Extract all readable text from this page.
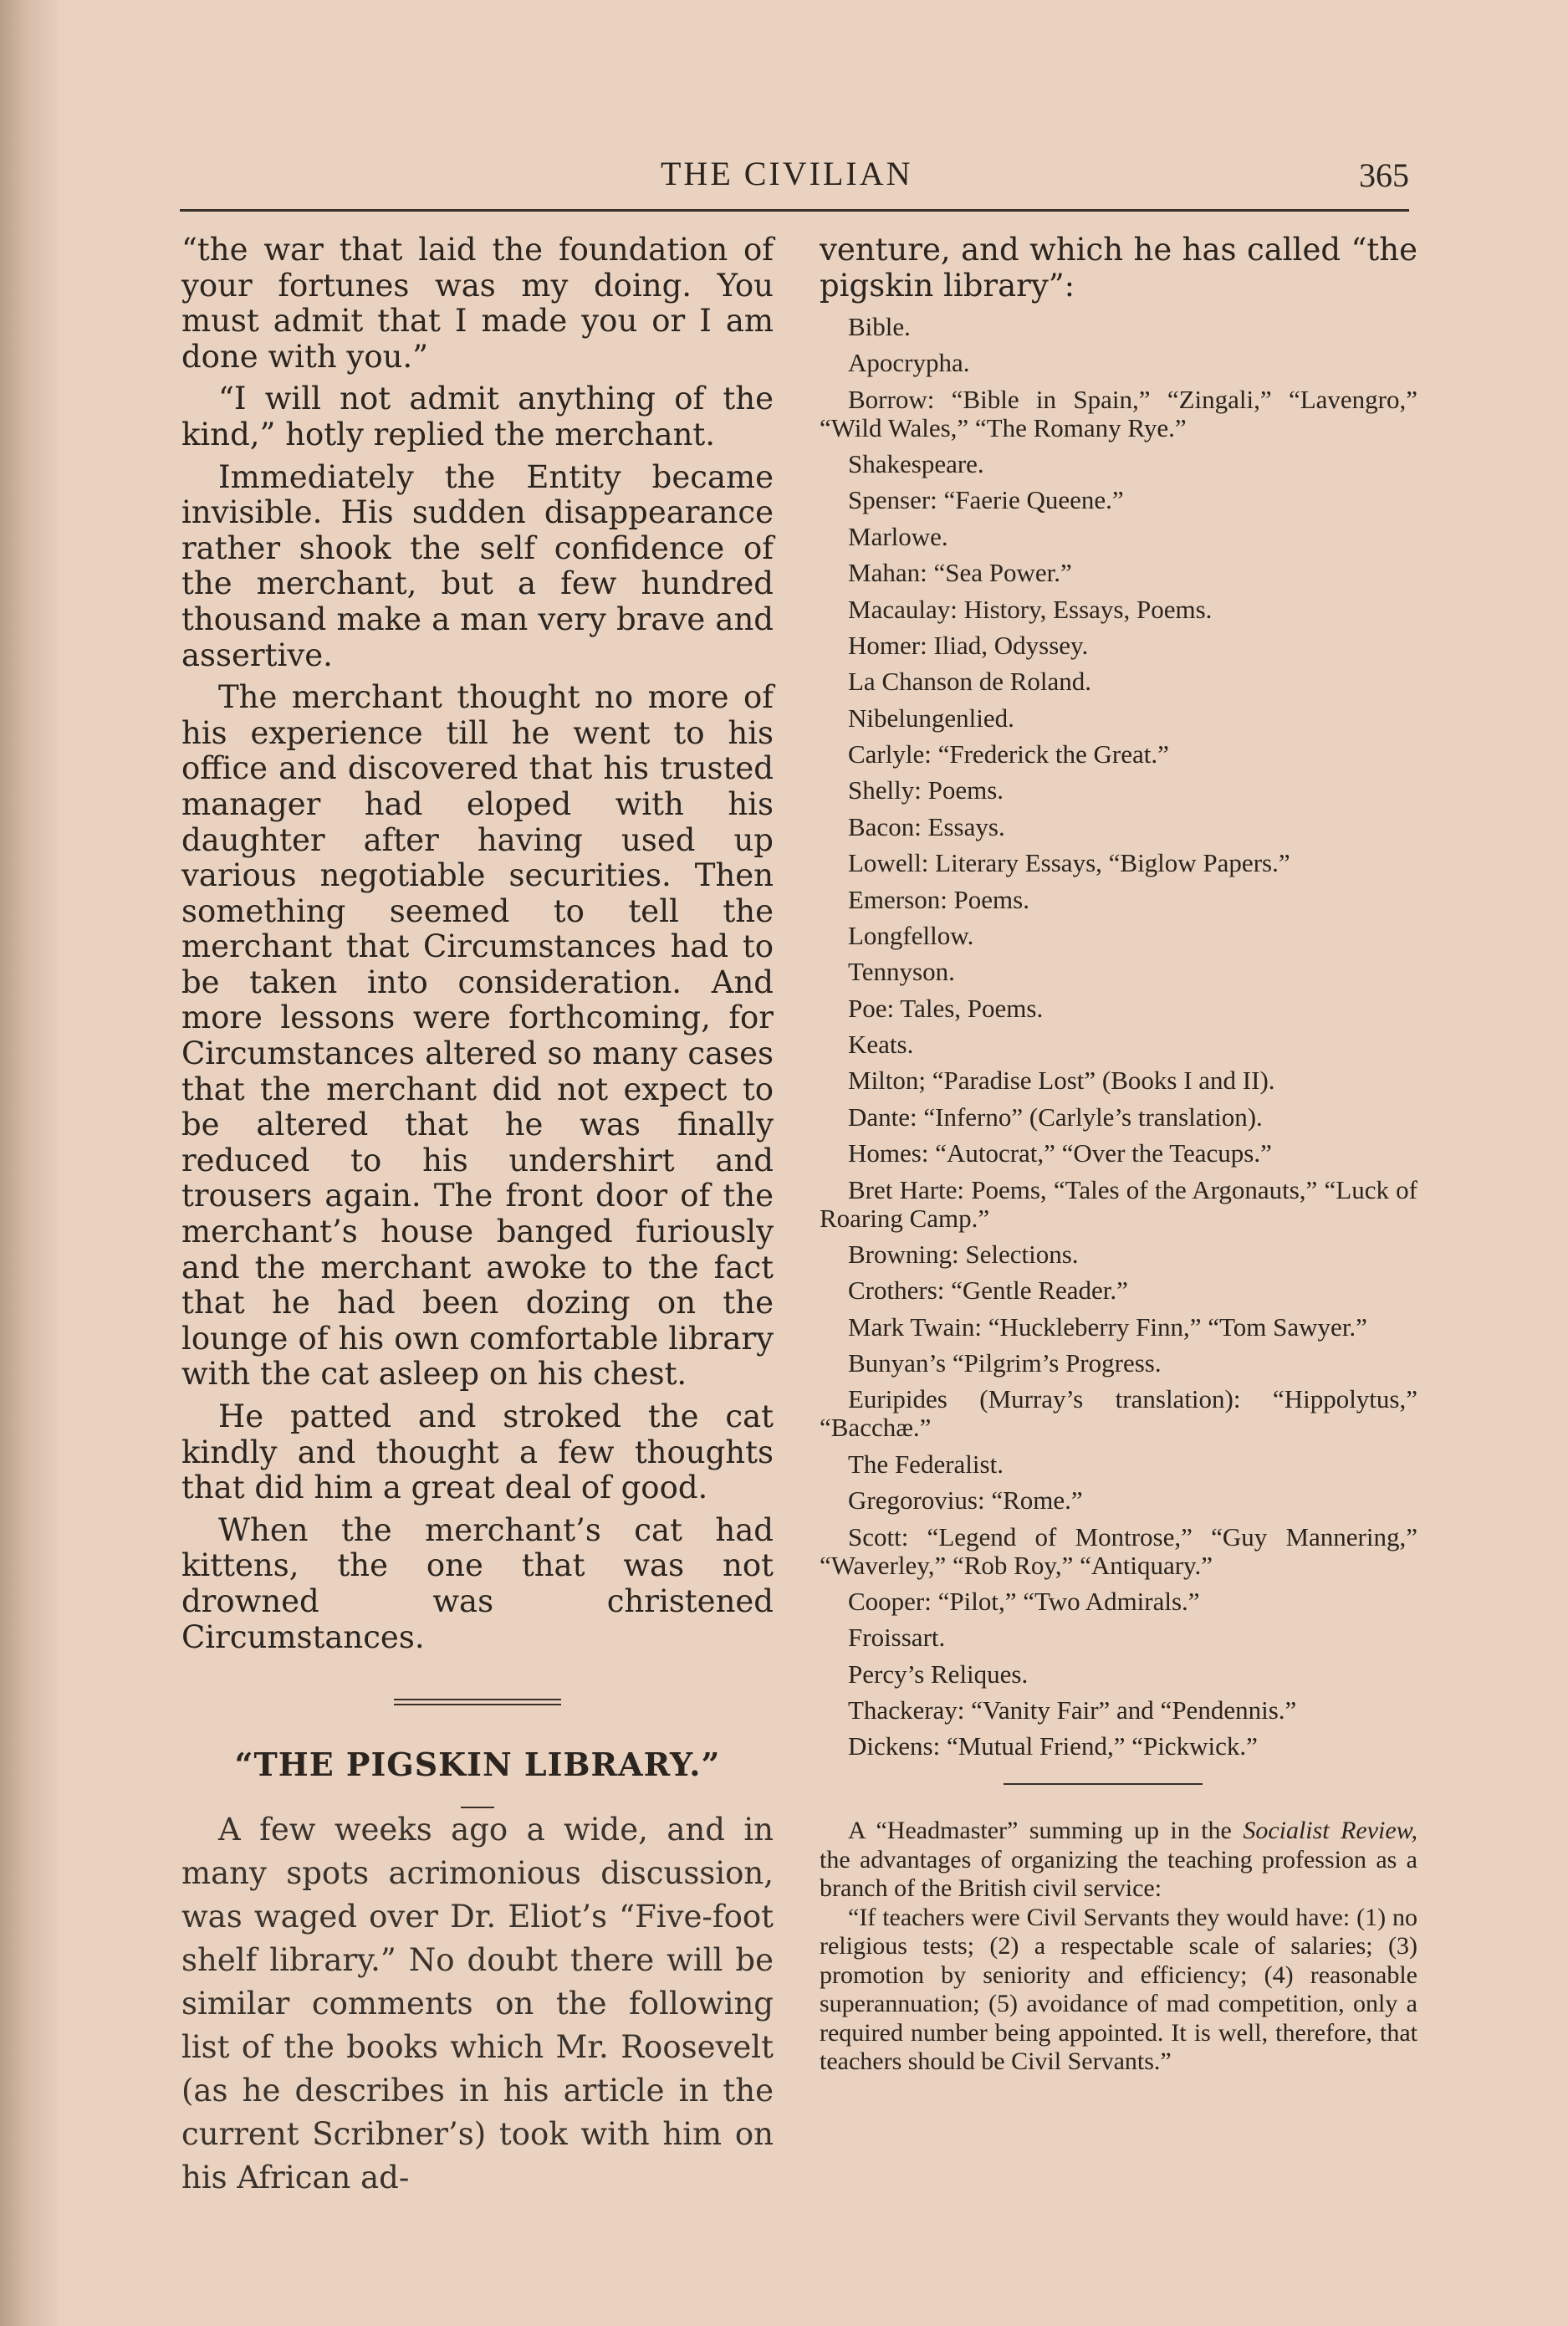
THE CIVILIAN	365

“the war that laid the foundation of your fortunes was my doing. You must admit that I made you or I am done with you.”

“I will not admit anything of the kind,” hotly replied the merchant.

Immediately the Entity became invisible. His sudden disappearance rather shook the self confidence of the merchant, but a few hundred thousand make a man very brave and assertive.

The merchant thought no more of his experience till he went to his office and discovered that his trusted manager had eloped with his daughter after having used up various negotiable securities. Then something seemed to tell the merchant that Circumstances had to be taken into consideration. And more lessons were forthcoming, for Circumstances altered so many cases that the merchant did not expect to be altered that he was finally reduced to his undershirt and trousers again. The front door of the merchant’s house banged furiously and the merchant awoke to the fact that he had been dozing on the lounge of his own comfortable library with the cat asleep on his chest.

He patted and stroked the cat kindly and thought a few thoughts that did him a great deal of good.

When the merchant’s cat had kittens, the one that was not drowned was christened Circumstances.

“THE PIGSKIN LIBRARY.”

A few weeks ago a wide, and in many spots acrimonious discussion, was waged over Dr. Eliot’s “Five-foot shelf library.” No doubt there will be similar comments on the following list of the books which Mr. Roosevelt (as he describes in his article in the current Scribner’s) took with him on his African ad-

venture, and which he has called “the pigskin library”:

Bible.
Apocrypha.
Borrow: “Bible in Spain,” “Zingali,” “Lavengro,” “Wild Wales,” “The Romany Rye.”
Shakespeare.
Spenser: “Faerie Queene.”
Marlowe.
Mahan: “Sea Power.”
Macaulay: History, Essays, Poems.
Homer: Iliad, Odyssey.
La Chanson de Roland.
Nibelungenlied.
Carlyle: “Frederick the Great.”
Shelly: Poems.
Bacon: Essays.
Lowell: Literary Essays, “Biglow Papers.”
Emerson: Poems.
Longfellow.
Tennyson.
Poe: Tales, Poems.
Keats.
Milton; “Paradise Lost” (Books I and II).
Dante: “Inferno” (Carlyle’s translation).
Homes: “Autocrat,” “Over the Teacups.”
Bret Harte: Poems, “Tales of the Argonauts,” “Luck of Roaring Camp.”
Browning: Selections.
Crothers: “Gentle Reader.”
Mark Twain: “Huckleberry Finn,” “Tom Sawyer.”
Bunyan’s “Pilgrim’s Progress.
Euripides (Murray’s translation): “Hippolytus,” “Bacchæ.”
The Federalist.
Gregorovius: “Rome.”
Scott: “Legend of Montrose,” “Guy Mannering,” “Waverley,” “Rob Roy,” “Antiquary.”
Cooper: “Pilot,” “Two Admirals.”
Froissart.
Percy’s Reliques.
Thackeray: “Vanity Fair” and “Pendennis.”
Dickens: “Mutual Friend,” “Pickwick.”

A “Headmaster” summing up in the Socialist Review, the advantages of organizing the teaching profession as a branch of the British civil service:

“If teachers were Civil Servants they would have: (1) no religious tests; (2) a respectable scale of salaries; (3) promotion by seniority and efficiency; (4) reasonable superannuation; (5) avoidance of mad competition, only a required number being appointed. It is well, therefore, that teachers should be Civil Servants.”
